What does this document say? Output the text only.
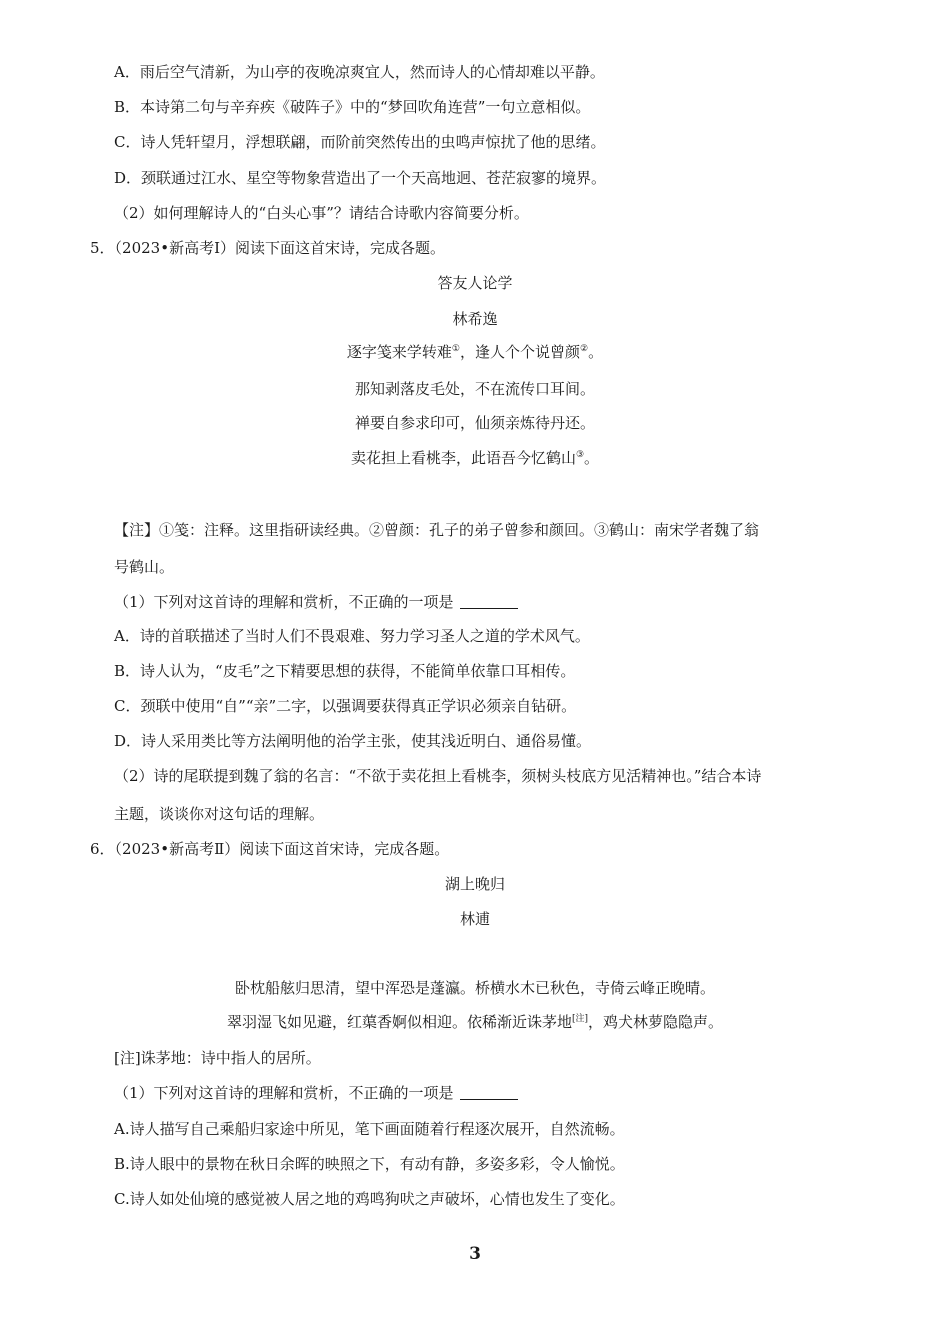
A．雨后空气清新，为山亭的夜晚凉爽宜人，然而诗人的心情却难以平静。
B．本诗第二句与辛弃疾《破阵子》中的“梦回吹角连营”一句立意相似。
C．诗人凭轩望月，浮想联翩，而阶前突然传出的虫鸣声惊扰了他的思绪。
D．颈联通过江水、星空等物象营造出了一个天高地迥、苍茫寂寥的境界。
（2）如何理解诗人的“白头心事”？请结合诗歌内容简要分析。
5．（2023•新高考Ⅰ）阅读下面这首宋诗，完成各题。
答友人论学
林希逸
逐字笺来学转难①，逢人个个说曾颜②。
那知剥落皮毛处，不在流传口耳间。
禅要自参求印可，仙须亲炼待丹还。
卖花担上看桃李，此语吾今忆鹤山③。
【注】①笺：注释。这里指研读经典。②曾颜：孔子的弟子曾参和颜回。③鹤山：南宋学者魏了翁
号鹤山。
（1）下列对这首诗的理解和赏析，不正确的一项是
A．诗的首联描述了当时人们不畏艰难、努力学习圣人之道的学术风气。
B．诗人认为，“皮毛”之下精要思想的获得，不能简单依靠口耳相传。
C．颈联中使用“自”“亲”二字，以强调要获得真正学识必须亲自钻研。
D．诗人采用类比等方法阐明他的治学主张，使其浅近明白、通俗易懂。
（2）诗的尾联提到魏了翁的名言：“不欲于卖花担上看桃李，须树头枝底方见活精神也。”结合本诗
主题，谈谈你对这句话的理解。
6．（2023•新高考Ⅱ）阅读下面这首宋诗，完成各题。
湖上晚归
林逋
卧枕船舷归思清，望中浑恐是蓬瀛。桥横水木已秋色，寺倚云峰正晚晴。
翠羽湿飞如见避，红蕖香婀似相迎。依稀渐近诛茅地[注]，鸡犬林萝隐隐声。
[注]诛茅地：诗中指人的居所。
（1）下列对这首诗的理解和赏析，不正确的一项是
A.诗人描写自己乘船归家途中所见，笔下画面随着行程逐次展开，自然流畅。
B.诗人眼中的景物在秋日余晖的映照之下，有动有静，多姿多彩，令人愉悦。
C.诗人如处仙境的感觉被人居之地的鸡鸣狗吠之声破坏，心情也发生了变化。
3
